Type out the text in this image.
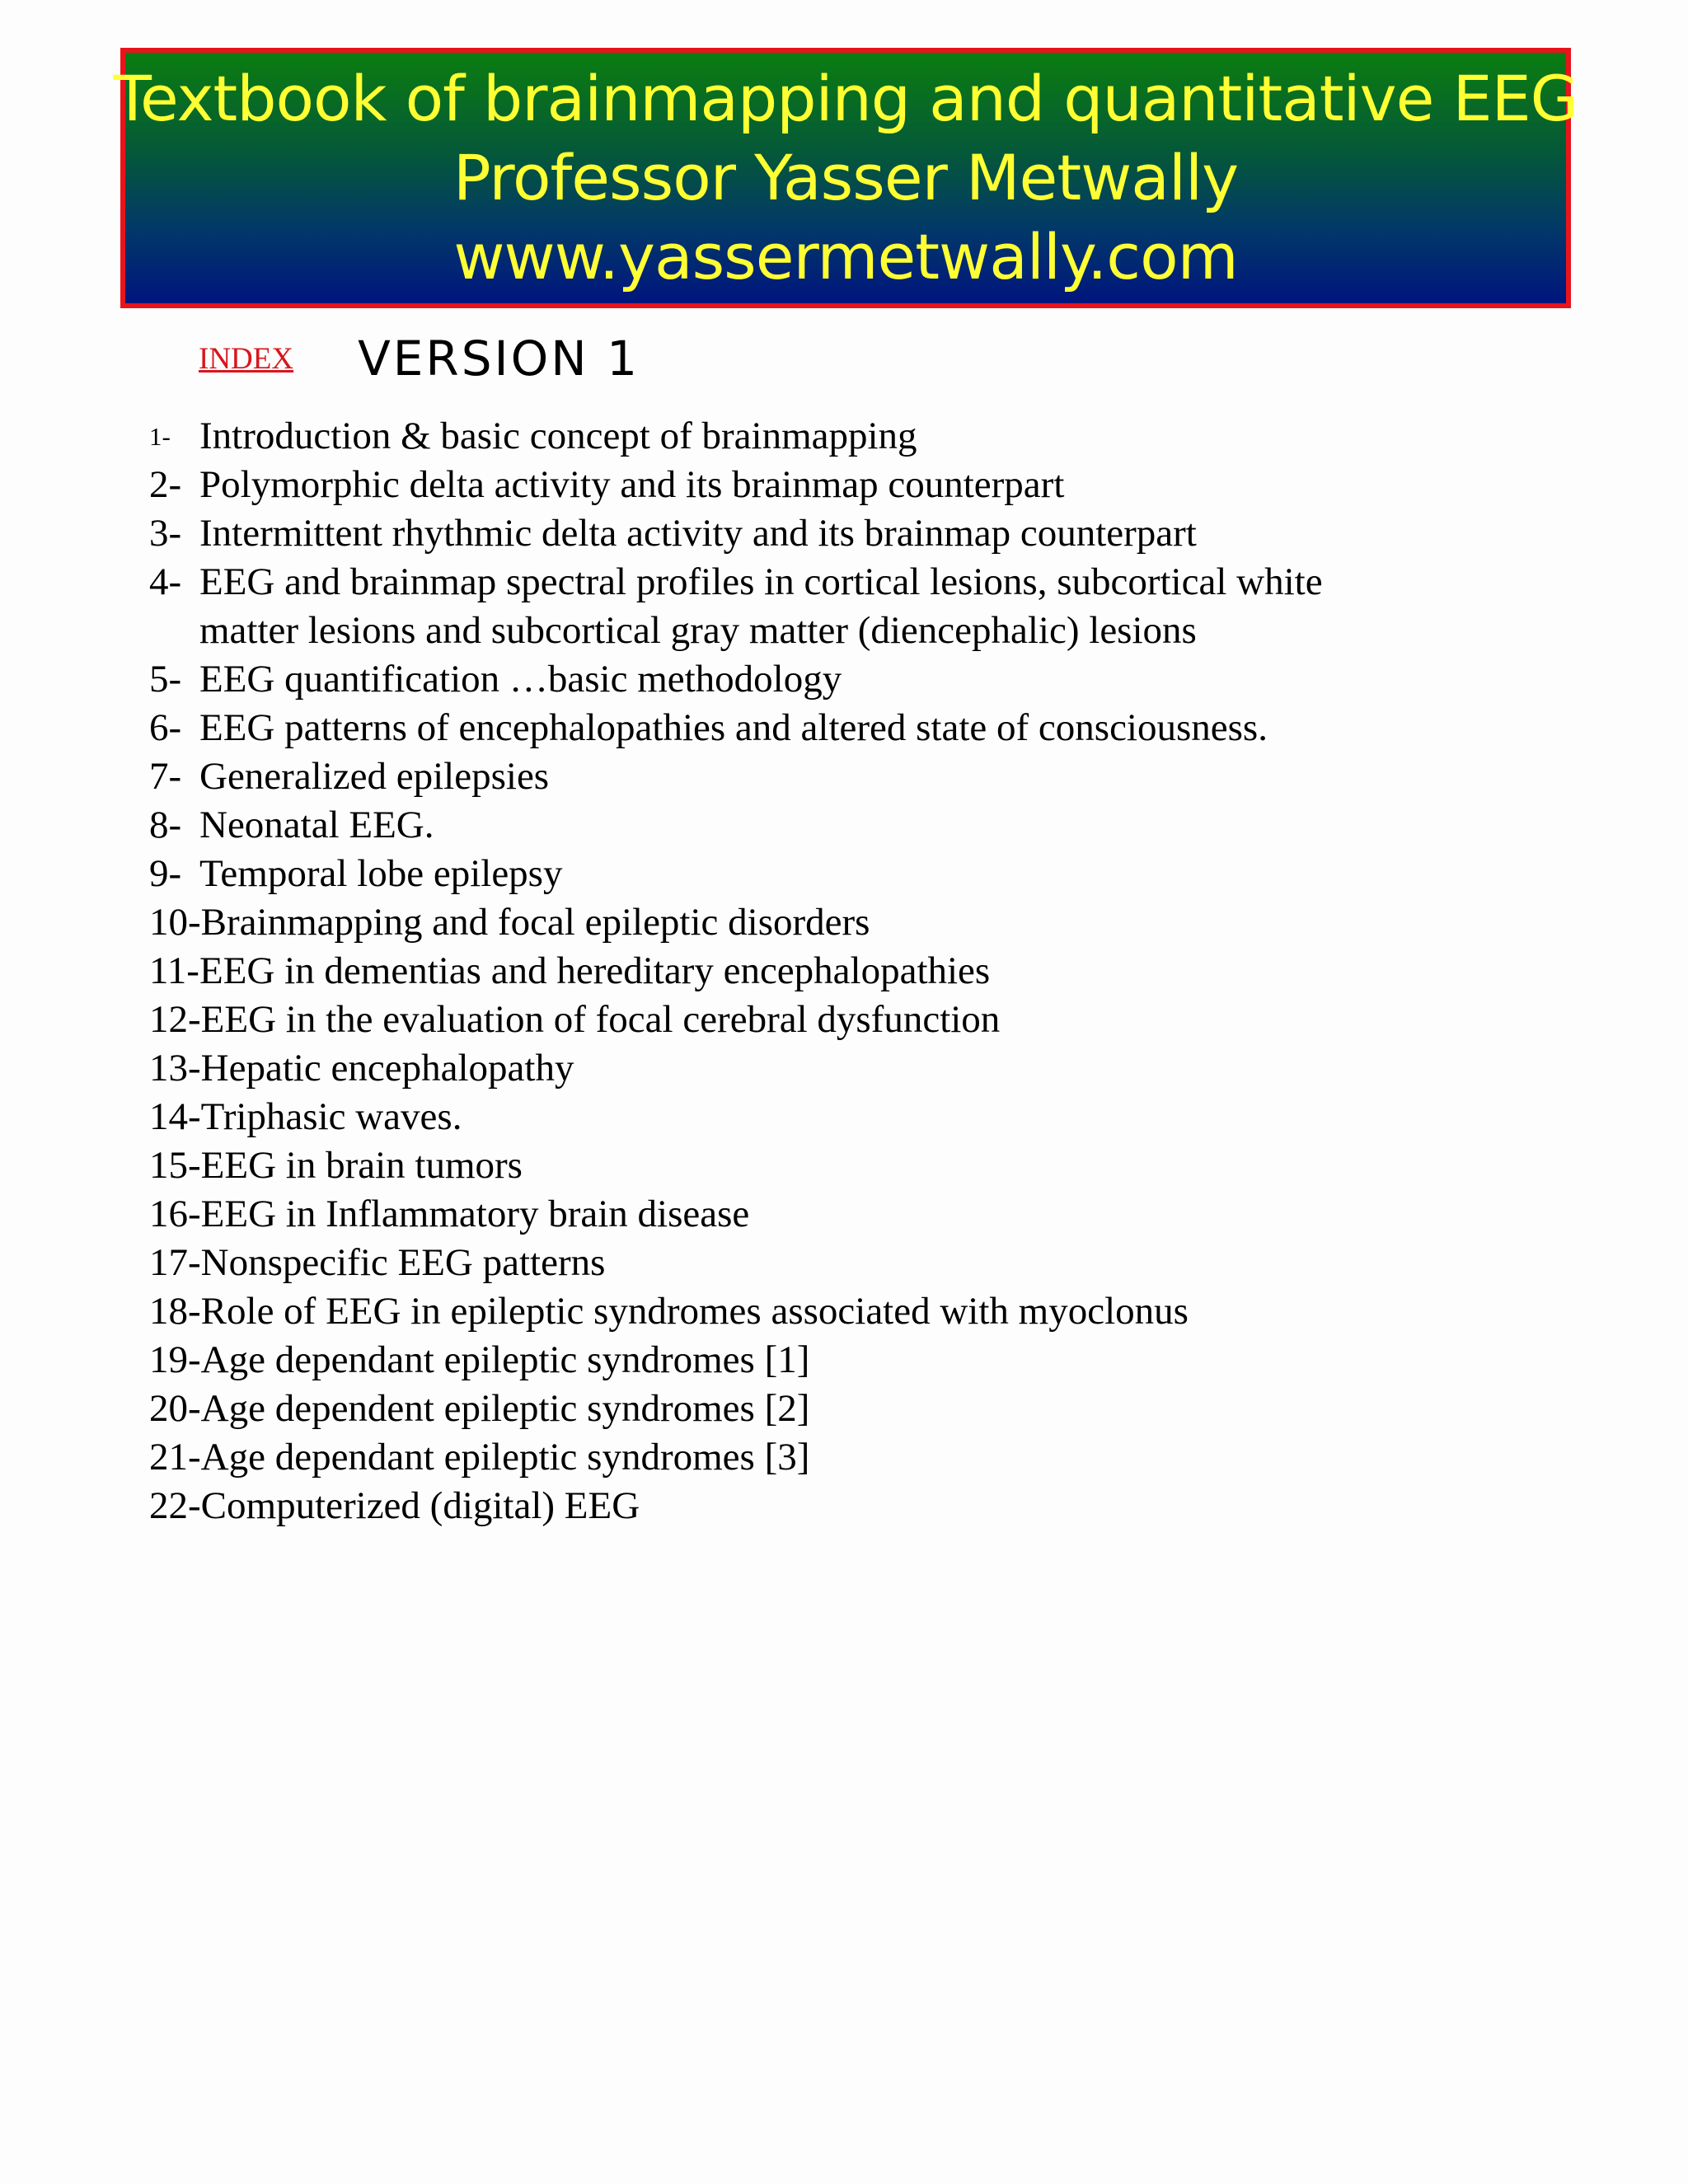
Textbook of brainmapping and quantitative EEG
Professor Yasser Metwally
www.yassermetwally.com
INDEX VERSION 1
1- Introduction & basic concept of brainmapping
2- Polymorphic delta activity and its brainmap counterpart
3- Intermittent rhythmic delta activity and its brainmap counterpart
4- EEG and brainmap spectral profiles in cortical lesions, subcortical white
matter lesions and subcortical gray matter (diencephalic) lesions
5- EEG quantification …basic methodology
6- EEG patterns of encephalopathies and altered state of consciousness.
7- Generalized epilepsies
8- Neonatal EEG.
9- Temporal lobe epilepsy
10- Brainmapping and focal epileptic disorders
11- EEG in dementias and hereditary encephalopathies
12- EEG in the evaluation of focal cerebral dysfunction
13- Hepatic encephalopathy
14- Triphasic waves.
15- EEG in brain tumors
16- EEG in Inflammatory brain disease
17- Nonspecific EEG patterns
18- Role of EEG in epileptic syndromes associated with myoclonus
19- Age dependant epileptic syndromes [1]
20- Age dependent epileptic syndromes [2]
21- Age dependant epileptic syndromes [3]
22- Computerized (digital) EEG
